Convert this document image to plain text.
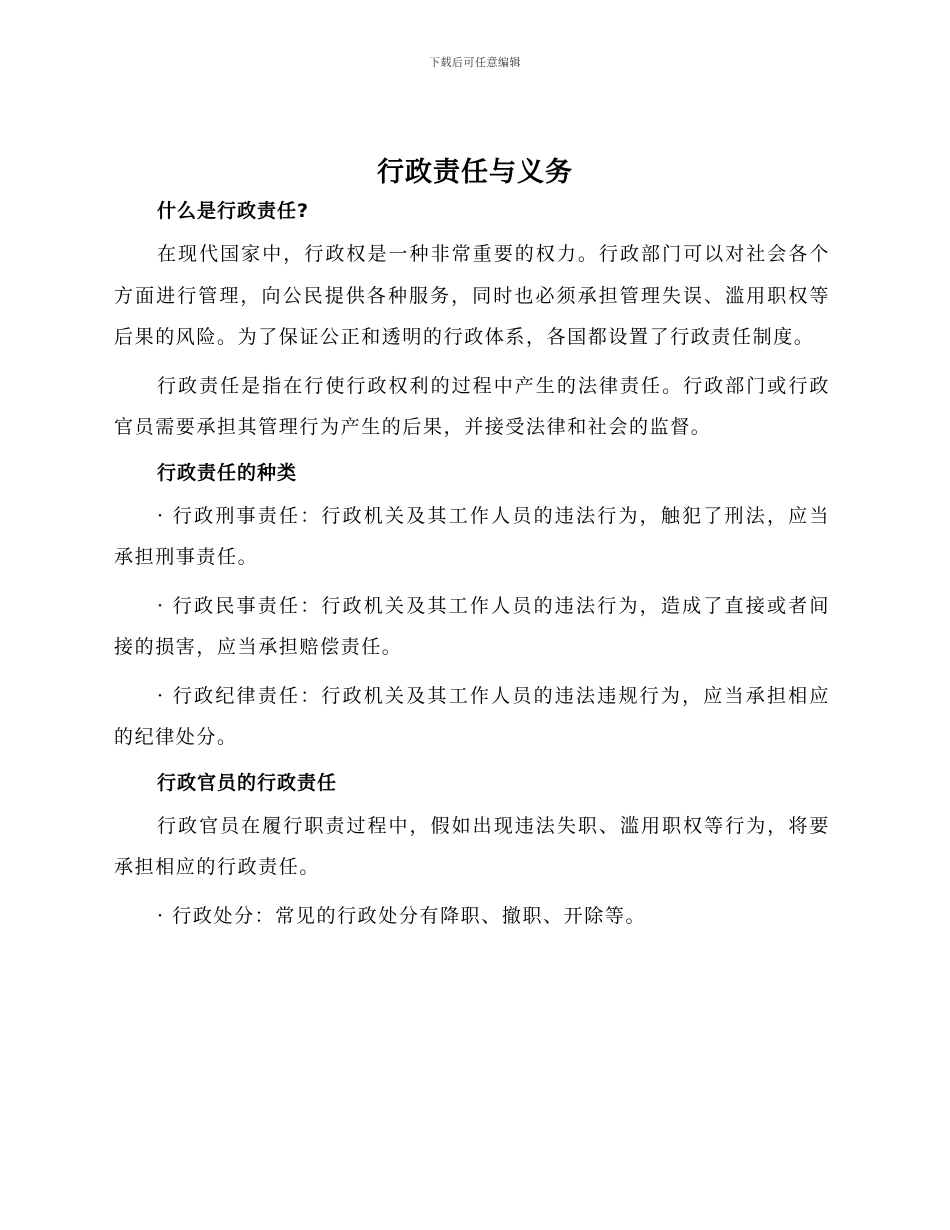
下载后可任意编辑
行政责任与义务

什么是行政责任?

在现代国家中，行政权是一种非常重要的权力。行政部门可以对社会各个方面进行管理，向公民提供各种服务，同时也必须承担管理失误、滥用职权等后果的风险。为了保证公正和透明的行政体系，各国都设置了行政责任制度。

行政责任是指在行使行政权利的过程中产生的法律责任。行政部门或行政官员需要承担其管理行为产生的后果，并接受法律和社会的监督。

行政责任的种类

· 行政刑事责任：行政机关及其工作人员的违法行为，触犯了刑法，应当承担刑事责任。

· 行政民事责任：行政机关及其工作人员的违法行为，造成了直接或者间接的损害，应当承担赔偿责任。

· 行政纪律责任：行政机关及其工作人员的违法违规行为，应当承担相应的纪律处分。

行政官员的行政责任

行政官员在履行职责过程中，假如出现违法失职、滥用职权等行为，将要承担相应的行政责任。

· 行政处分：常见的行政处分有降职、撤职、开除等。
